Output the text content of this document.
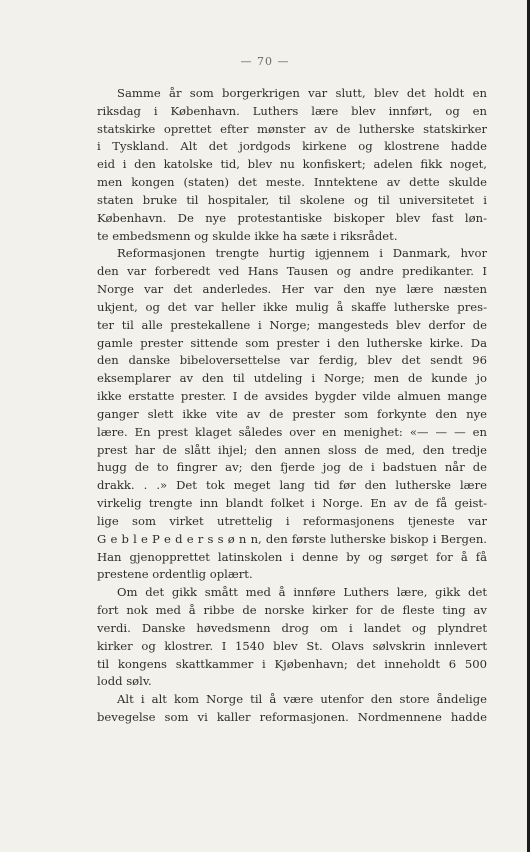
— 70 —
Samme år som borgerkrigen var slutt, blev det holdt en
riksdag i København. Luthers lære blev innført, og en
statskirke oprettet efter mønster av de lutherske statskirker
i Tyskland. Alt det jordgods kirkene og klostrene hadde
eid i den katolske tid, blev nu konfiskert; adelen fikk noget,
men kongen (staten) det meste. Inntektene av dette skulde
staten bruke til hospitaler, til skolene og til universitetet i
København. De nye protestantiske biskoper blev fast løn-
te embedsmenn og skulde ikke ha sæte i riksrådet.
Reformasjonen trengte hurtig igjennem i Danmark, hvor
den var forberedt ved Hans Tausen og andre predikanter. I
Norge var det anderledes. Her var den nye lære næsten
ukjent, og det var heller ikke mulig å skaffe lutherske pres-
ter til alle prestekallene i Norge; mangesteds blev derfor de
gamle prester sittende som prester i den lutherske kirke. Da
den danske bibeloversettelse var ferdig, blev det sendt 96
eksemplarer av den til utdeling i Norge; men de kunde jo
ikke erstatte prester. I de avsides bygder vilde almuen mange
ganger slett ikke vite av de prester som forkynte den nye
lære. En prest klaget således over en menighet: «— — — en
prest har de slått ihjel; den annen sloss de med, den tredje
hugg de to fingrer av; den fjerde jog de i badstuen når de
drakk. . .» Det tok meget lang tid før den lutherske lære
virkelig trengte inn blandt folket i Norge. En av de få geist-
lige som virket utrettelig i reformasjonens tjeneste var
G e b l e P e d e r s s ø n n, den første lutherske biskop i Bergen.
Han gjenopprettet latinskolen i denne by og sørget for å få
prestene ordentlig oplært.
Om det gikk smått med å innføre Luthers lære, gikk det
fort nok med å ribbe de norske kirker for de fleste ting av
verdi. Danske høvedsmenn drog om i landet og plyndret
kirker og klostrer. I 1540 blev St. Olavs sølvskrin innlevert
til kongens skattkammer i Kjøbenhavn; det inneholdt 6 500
lodd sølv.
Alt i alt kom Norge til å være utenfor den store åndelige
bevegelse som vi kaller reformasjonen. Nordmennene hadde
